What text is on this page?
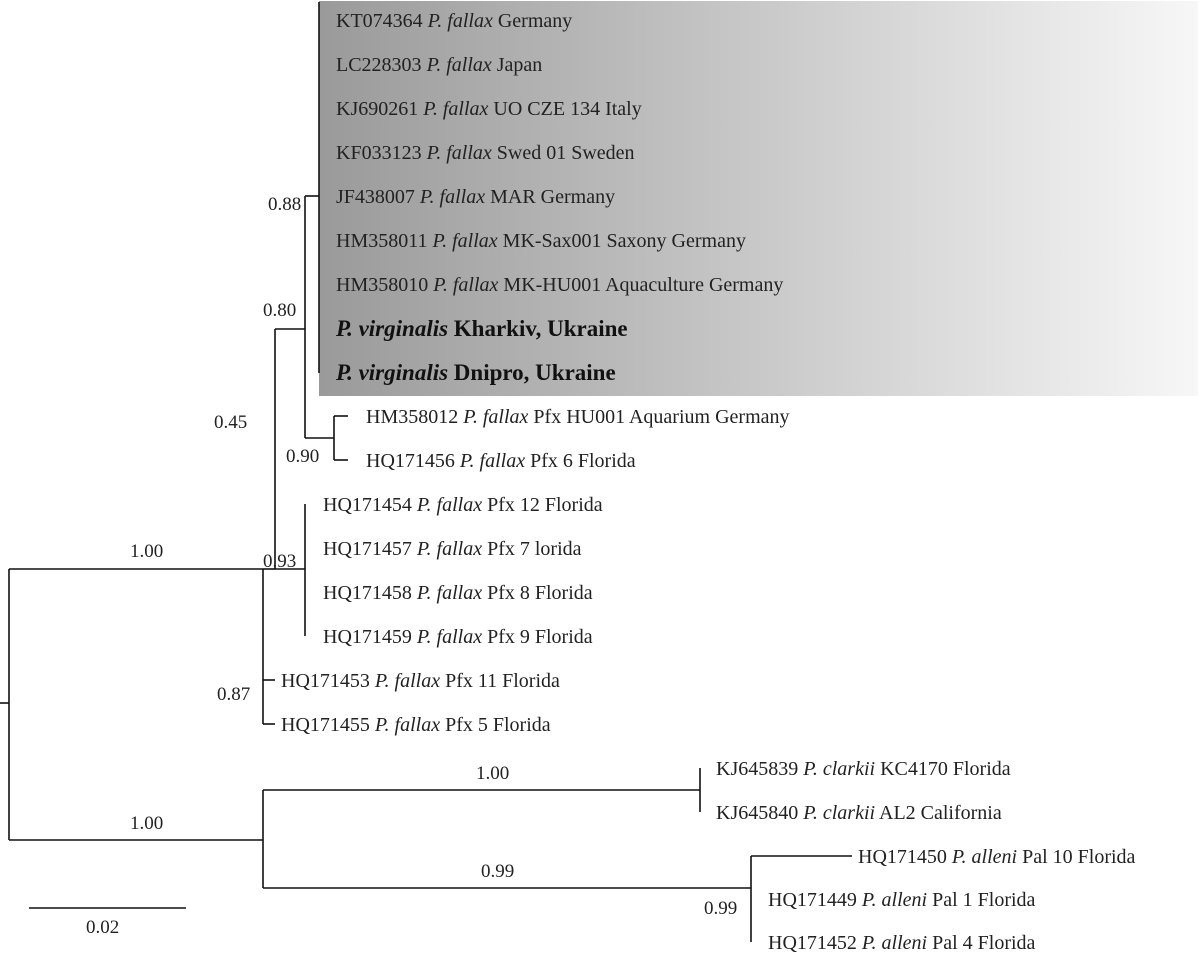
KT074364 P. fallax Germany
LC228303 P. fallax Japan
KJ690261 P. fallax UO CZE 134 Italy
KF033123 P. fallax Swed 01 Sweden
JF438007 P. fallax MAR Germany
HM358011 P. fallax MK-Sax001 Saxony Germany
HM358010 P. fallax MK-HU001 Aquaculture Germany
P. virginalis Kharkiv, Ukraine
P. virginalis Dnipro, Ukraine
HM358012 P. fallax Pfx HU001 Aquarium Germany
HQ171456 P. fallax Pfx 6 Florida
HQ171454 P. fallax Pfx 12 Florida
HQ171457 P. fallax Pfx 7 lorida
HQ171458 P. fallax Pfx 8 Florida
HQ171459 P. fallax Pfx 9 Florida
HQ171453 P. fallax Pfx 11 Florida
HQ171455 P. fallax Pfx 5 Florida
KJ645839 P. clarkii KC4170 Florida
KJ645840 P. clarkii AL2 California
HQ171450 P. alleni Pal 10 Florida
HQ171449 P. alleni Pal 1 Florida
HQ171452 P. alleni Pal 4 Florida
0.88
0.80
0.45
0.90
0.93
1.00
0.87
1.00
1.00
0.99
0.99
0.02
